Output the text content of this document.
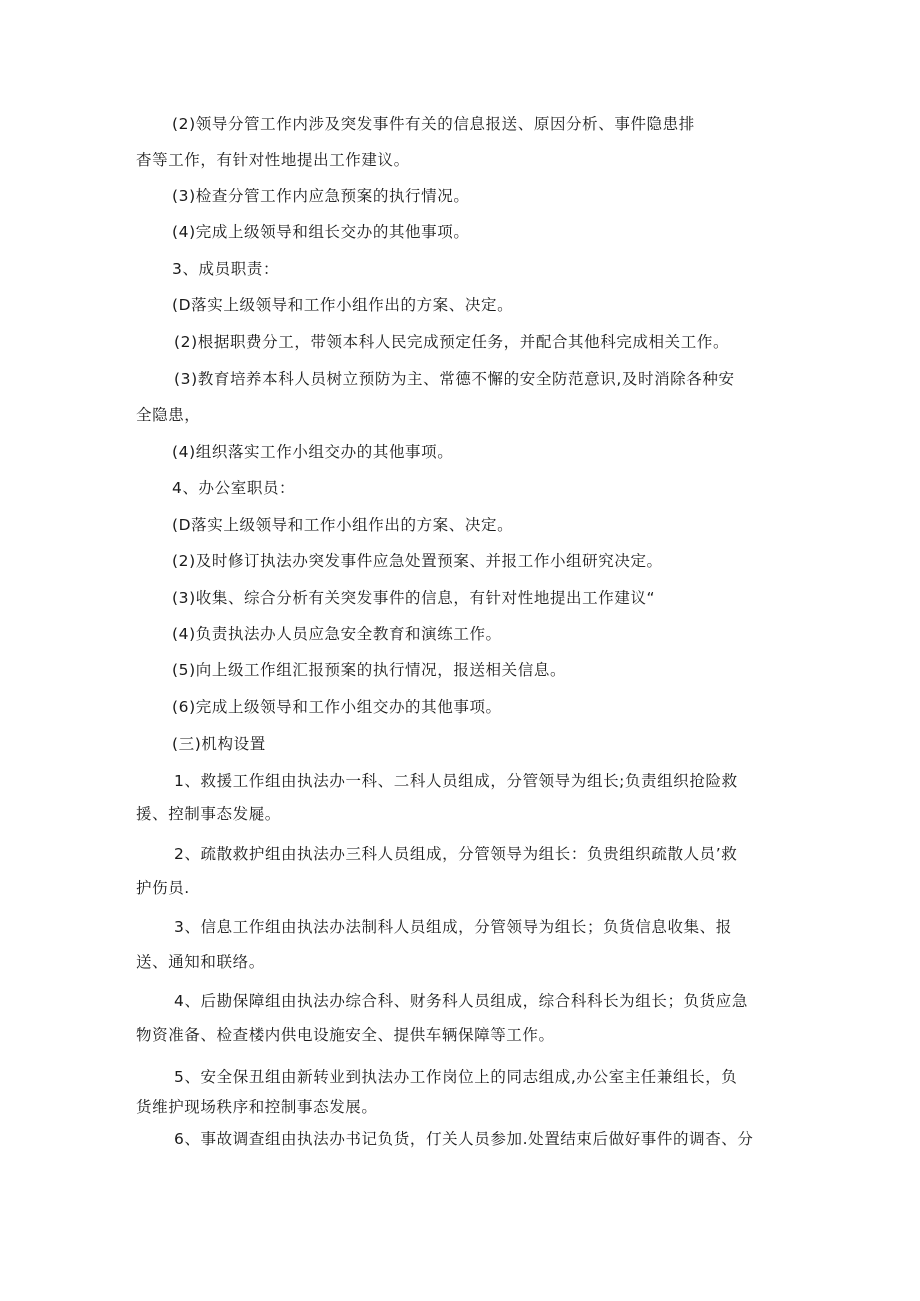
(2)领导分管工作内涉及突发事件有关的信息报送、原因分析、事件隐患排
杳等工作，有针对性地提出工作建议。
(3)检查分管工作内应急预案的执行情况。
(4)完成上级领导和组长交办的其他事项。
3、成员职责：
(D落实上级领导和工作小组作出的方案、决定。
(2)根据职费分工，带领本科人民完成预定任务，并配合其他科完成相关工作。
(3)教育培养本科人员树立预防为主、常德不懈的安全防范意识,及时消除各种安
全隐患，
(4)组织落实工作小组交办的其他事项。
4、办公室职员：
(D落实上级领导和工作小组作出的方案、决定。
(2)及时修订执法办突发事件应急处置预案、并报工作小组研究决定。
(3)收集、综合分析有关突发事件的信息，有针对性地提出工作建议“
(4)负责执法办人员应急安全教育和演练工作。
(5)向上级工作组汇报预案的执行情况，报送相关信息。
(6)完成上级领导和工作小组交办的其他事项。
(三)机构设置
1、救援工作组由执法办一科、二科人员组成，分管领导为组长;负责组织抢险救
援、控制事态发屣。
2、疏散救护组由执法办三科人员组成，分管领导为组长：负贵组织疏散人员’救
护伤员.
3、信息工作组由执法办法制科人员组成，分管领导为组长；负货信息收集、报
送、通知和联络。
4、后勘保障组由执法办综合科、财务科人员组成，综合科科长为组长；负货应急
物资准备、检查楼内供电设施安全、提供车辆保障等工作。
5、安全保丑组由新转业到执法办工作岗位上的同志组成,办公室主任兼组长，负
货维护现场秩序和控制事态发展。
6、事故调查组由执法办书记负货，仃关人员参加.处置结束后做好事件的调杳、分
